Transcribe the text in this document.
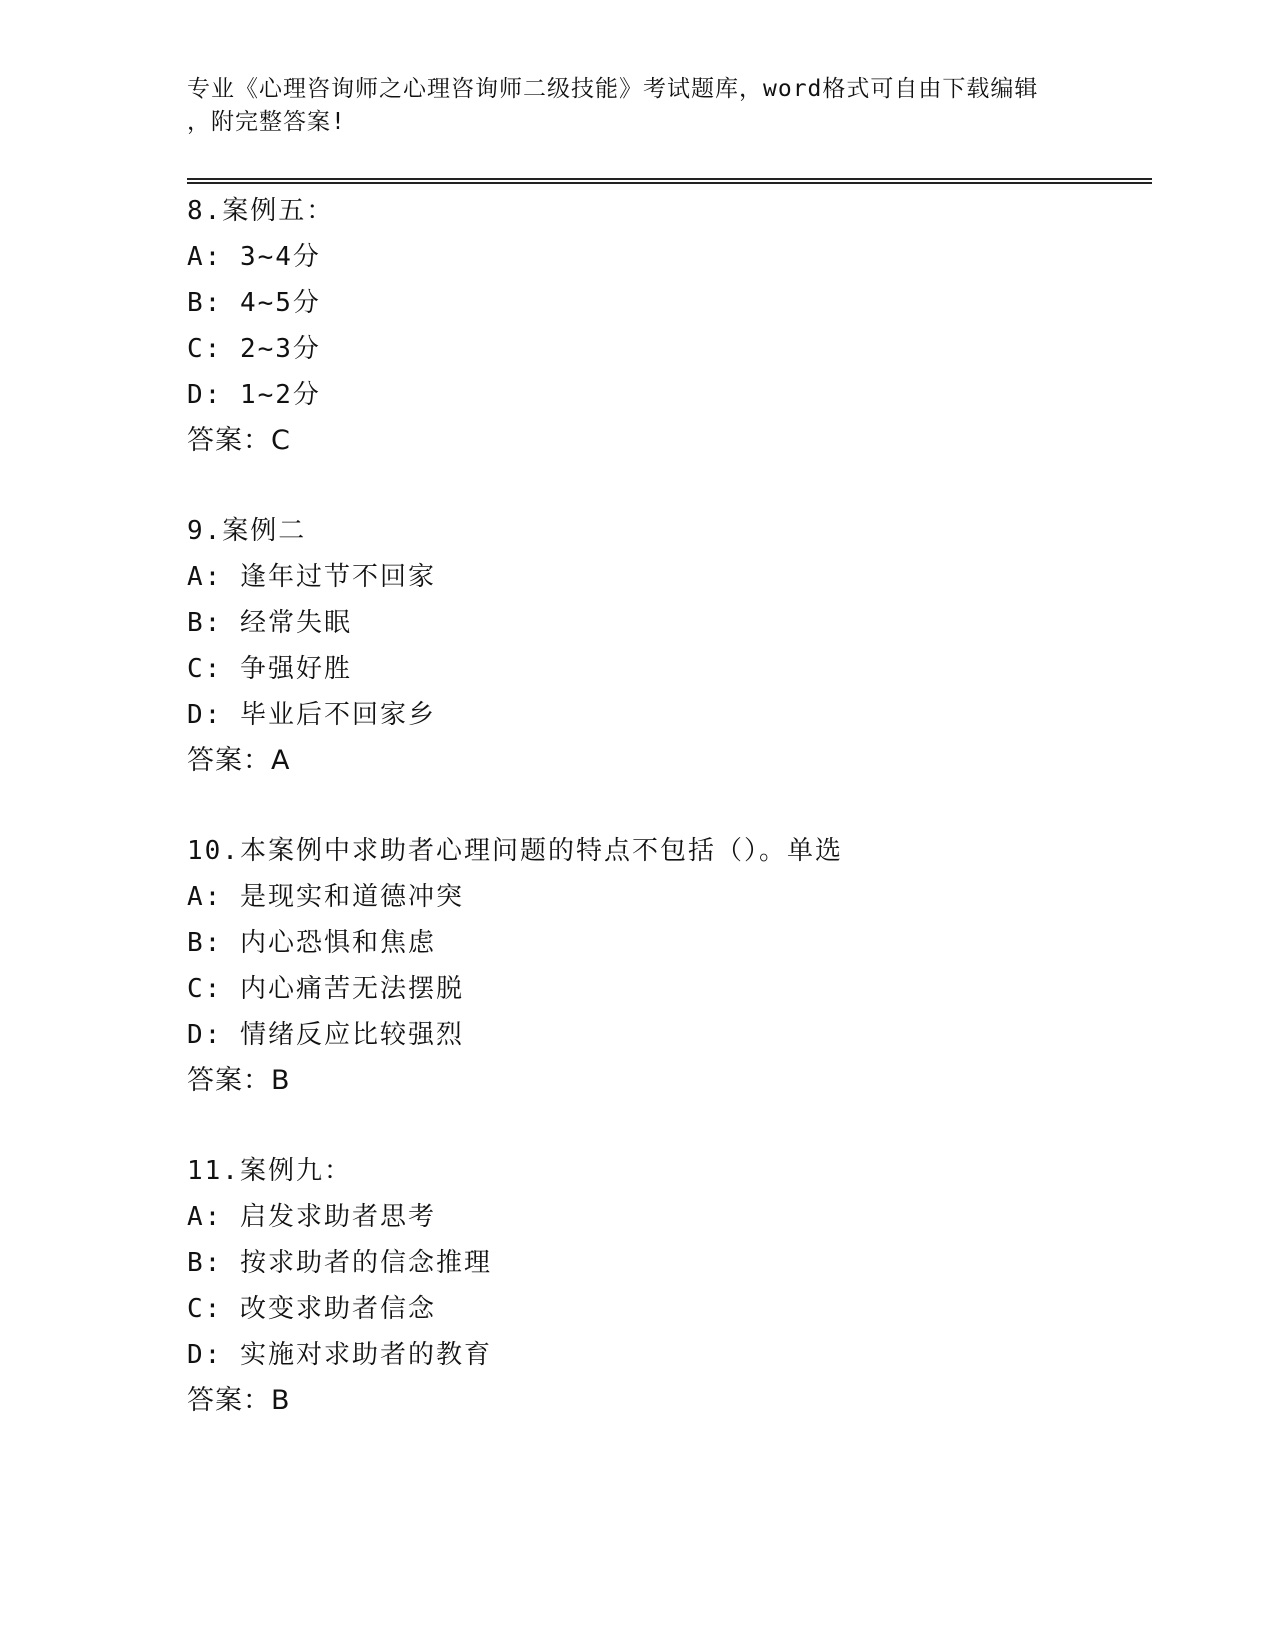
专业《心理咨询师之心理咨询师二级技能》考试题库，word格式可自由下载编辑
，附完整答案!
8.案例五：
A: 3~4分
B: 4~5分
C: 2~3分
D: 1~2分
答案：C
9.案例二
A: 逢年过节不回家
B: 经常失眠
C: 争强好胜
D: 毕业后不回家乡
答案：A
10.本案例中求助者心理问题的特点不包括（）。单选
A: 是现实和道德冲突
B: 内心恐惧和焦虑
C: 内心痛苦无法摆脱
D: 情绪反应比较强烈
答案：B
11.案例九：
A: 启发求助者思考
B: 按求助者的信念推理
C: 改变求助者信念
D: 实施对求助者的教育
答案：B
